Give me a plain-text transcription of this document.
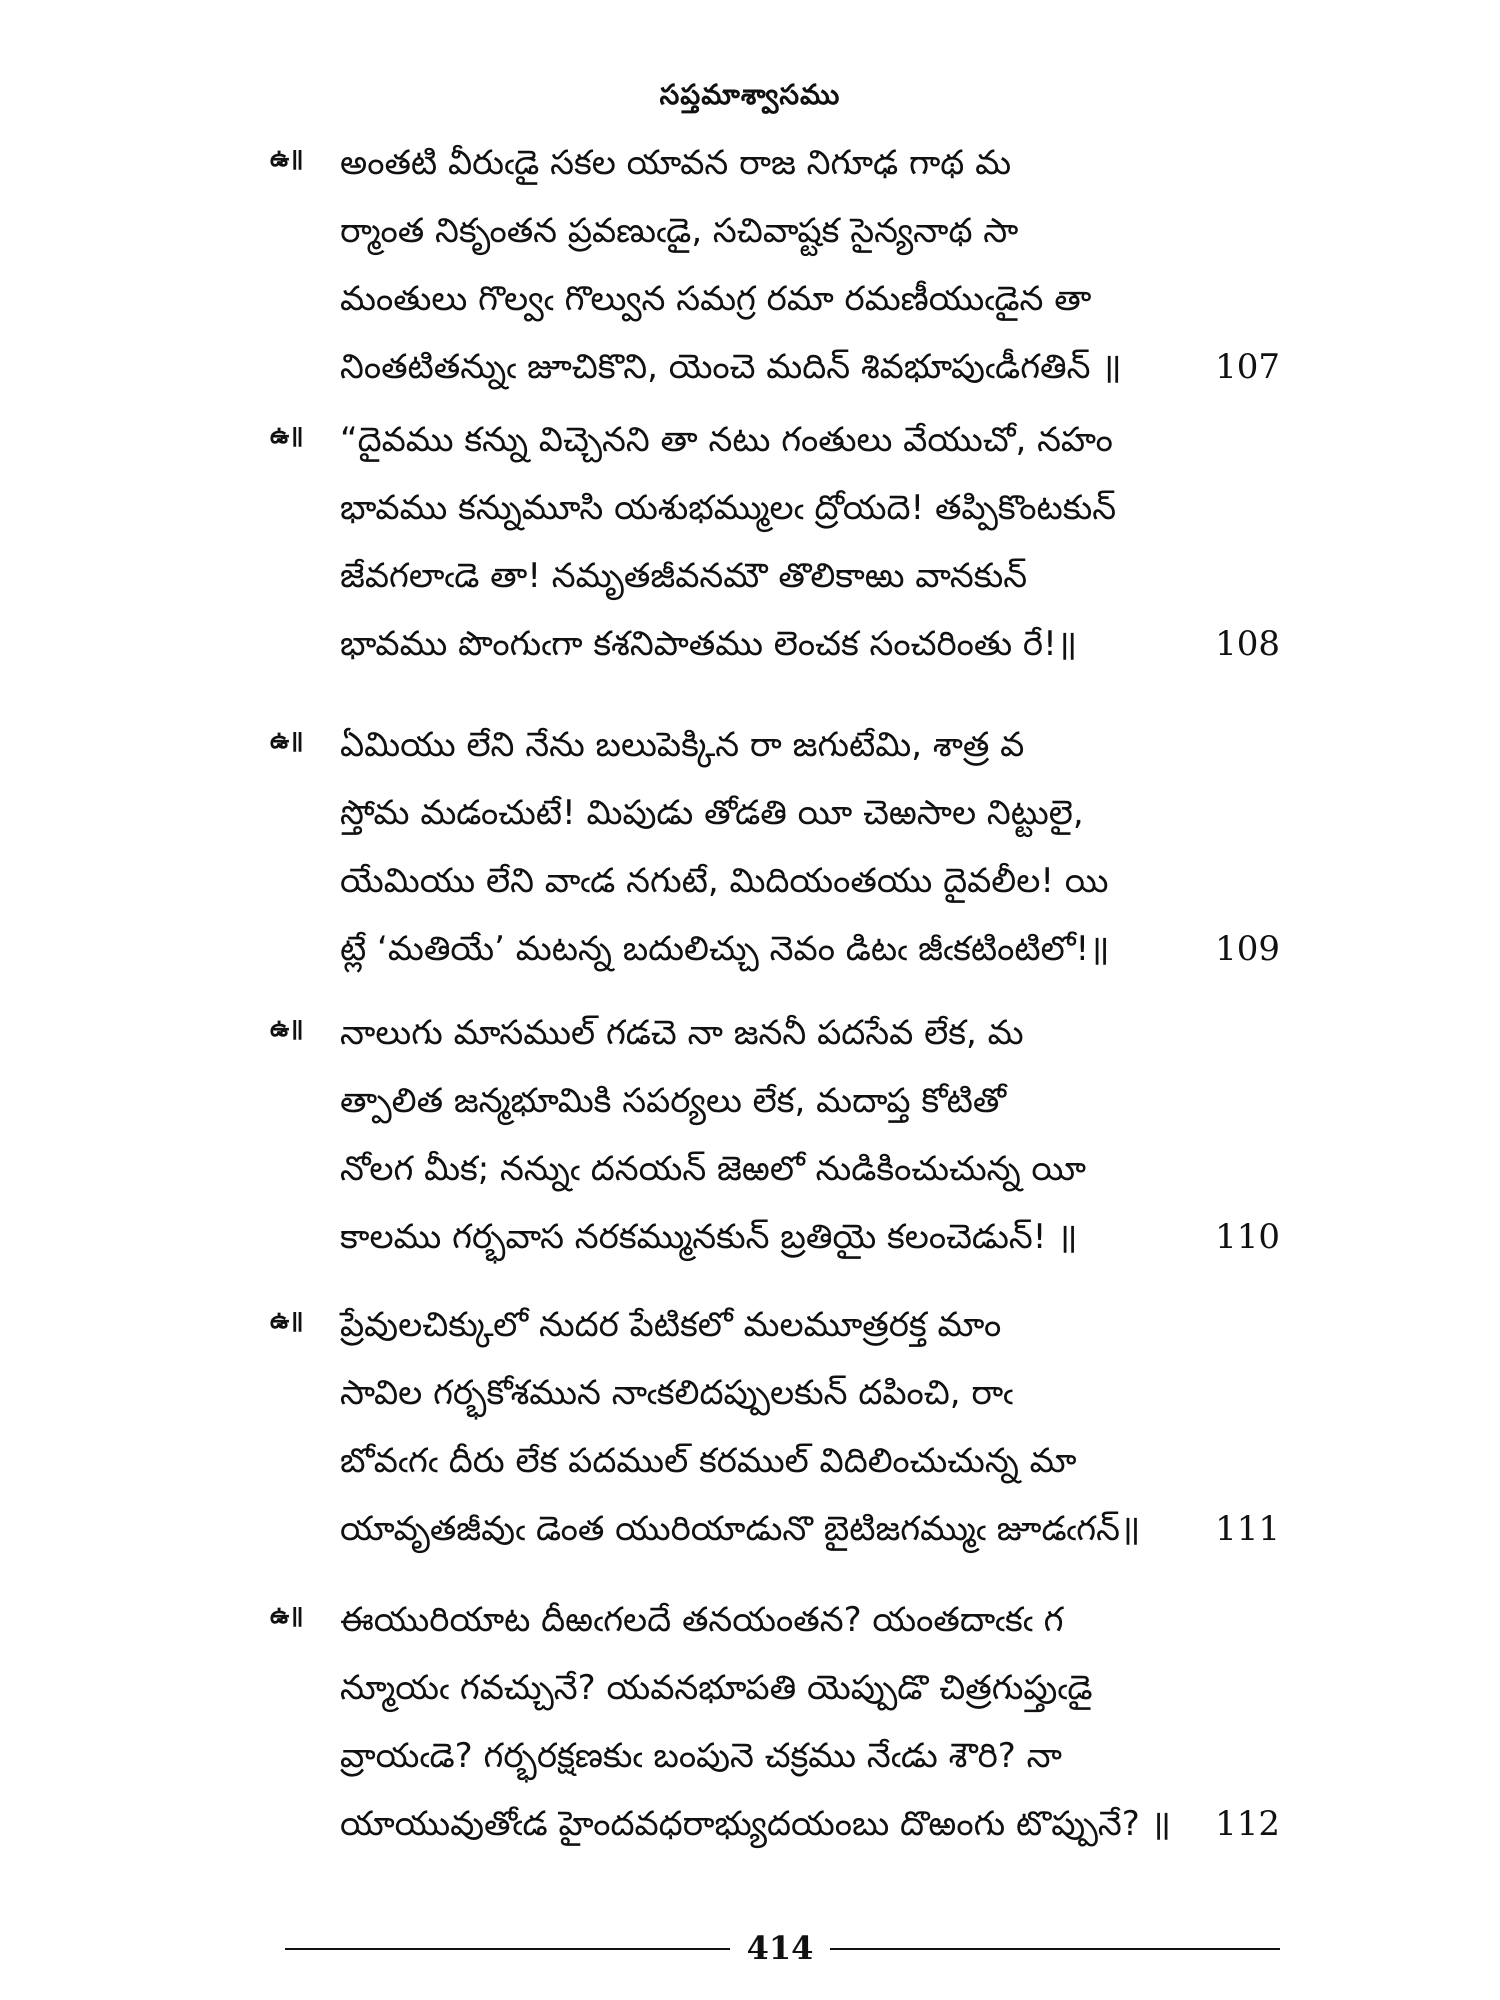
సప్తమాశ్వాసము
ఉ॥ అంతటి వీరుఁడై సకల యావన రాజ నిగూఢ గాథ మ
ర్మాంత నికృంతన ప్రవణుఁడై, సచివాష్టక సైన్యనాథ సా
మంతులు గొల్వఁ గొల్వున సమగ్ర రమా రమణీయుఁడైన తా
నింతటితన్నుఁ జూచికొని, యెంచె మదిన్ శివభూపుఁడీగతిన్ ॥	107
ఉ॥ “దైవము కన్ను విచ్చెనని తా నటు గంతులు వేయుచో, నహం
భావము కన్నుమూసి యశుభమ్ములఁ ద్రోయదె! తప్పికొంటకున్
జేవగలాఁడె తా! నమృతజీవనమౌ తొలికాఱు వానకున్
భావము పొంగుఁగా కశనిపాతము లెంచక సంచరింతు రే!॥	108
ఉ॥ ఏమియు లేని నేను బలుపెక్కిన రా జగుటేమి, శాత్ర వ
స్తోమ మడంచుటే! మిపుడు తోడతి యీ చెఱసాల నిట్టులై,
యేమియు లేని వాఁడ నగుటే, మిదియంతయు దైవలీల! యి
ట్లే ‘మతియే’ మటన్న బదులిచ్చు నెవం డిటఁ జీఁకటింటిలో!॥	109
ఉ॥ నాలుగు మాసముల్ గడచె నా జననీ పదసేవ లేక, మ
త్పాలిత జన్మభూమికి సపర్యలు లేక, మదాప్త కోటితో
నోలగ మీక; నన్నుఁ దనయన్ జెఱలో నుడికించుచున్న యీ
కాలము గర్భవాస నరకమ్మునకున్ బ్రతియై కలంచెడున్! ॥	110
ఉ॥ ప్రేవులచిక్కులో నుదర పేటికలో మలమూత్రరక్త మాం
సావిల గర్భకోశమున నాఁకలిదప్పులకున్ దపించి, రాఁ
బోవఁగఁ దీరు లేక పదముల్ కరముల్ విదిలించుచున్న మా
యావృతజీవుఁ డెంత యురియాడునొ బైటిజగమ్ముఁ జూడఁగన్॥ 111
ఉ॥ ఈయురియాట దీఱఁగలదే తనయంతన? యంతదాఁకఁ గ
న్మూయఁ గవచ్చునే? యవనభూపతి యెప్పుడొ చిత్రగుప్తుఁడై
వ్రాయఁడె? గర్భరక్షణకుఁ బంపునె చక్రము నేఁడు శౌరి? నా
యాయువుతోఁడ హైందవధరాభ్యుదయంబు దొఱంగు టొప్పునే? ॥ 112
414
